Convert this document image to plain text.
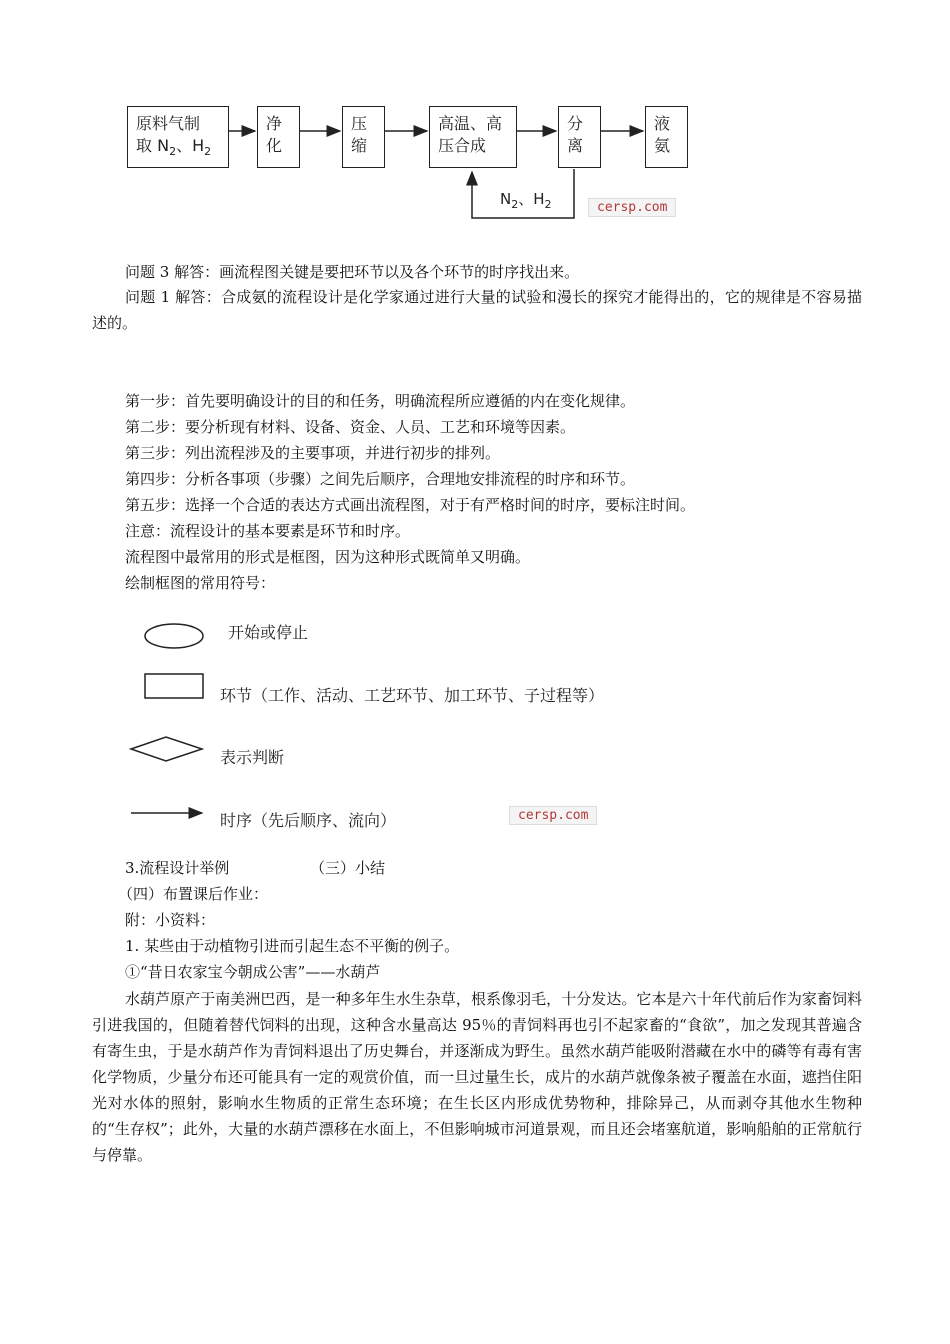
原料气制
取 $N_2$、$H_2$
净
化
压
缩
高温、高
压合成
分
离
液
氨
$N_2$、$H_2$	cersp.com
问题 3 解答：画流程图关键是要把环节以及各个环节的时序找出来。
问题 1 解答：合成氨的流程设计是化学家通过进行大量的试验和漫长的探究才能得出的，它的规律是不容易描述的。
第一步：首先要明确设计的目的和任务，明确流程所应遵循的内在变化规律。
第二步：要分析现有材料、设备、资金、人员、工艺和环境等因素。
第三步：列出流程涉及的主要事项，并进行初步的排列。
第四步：分析各事项（步骤）之间先后顺序，合理地安排流程的时序和环节。
第五步：选择一个合适的表达方式画出流程图，对于有严格时间的时序，要标注时间。
注意：流程设计的基本要素是环节和时序。
流程图中最常用的形式是框图，因为这种形式既简单又明确。
绘制框图的常用符号：
开始或停止
环节（工作、活动、工艺环节、加工环节、子过程等）
表示判断
时序（先后顺序、流向）	cersp.com
3.流程设计举例	（三）小结
（四）布置课后作业：
附：小资料：
1. 某些由于动植物引进而引起生态不平衡的例子。
①“昔日农家宝今朝成公害”——水葫芦
水葫芦原产于南美洲巴西，是一种多年生水生杂草，根系像羽毛，十分发达。它本是六十年代前后作为家畜饲料引进我国的，但随着替代饲料的出现，这种含水量高达 95％的青饲料再也引不起家畜的“食欲”，加之发现其普遍含有寄生虫，于是水葫芦作为青饲料退出了历史舞台，并逐渐成为野生。虽然水葫芦能吸附潜藏在水中的磷等有毒有害化学物质，少量分布还可能具有一定的观赏价值，而一旦过量生长，成片的水葫芦就像条被子覆盖在水面，遮挡住阳光对水体的照射，影响水生物质的正常生态环境；在生长区内形成优势物种，排除异己，从而剥夺其他水生物种的“生存权”；此外，大量的水葫芦漂移在水面上，不但影响城市河道景观，而且还会堵塞航道，影响船舶的正常航行与停靠。
